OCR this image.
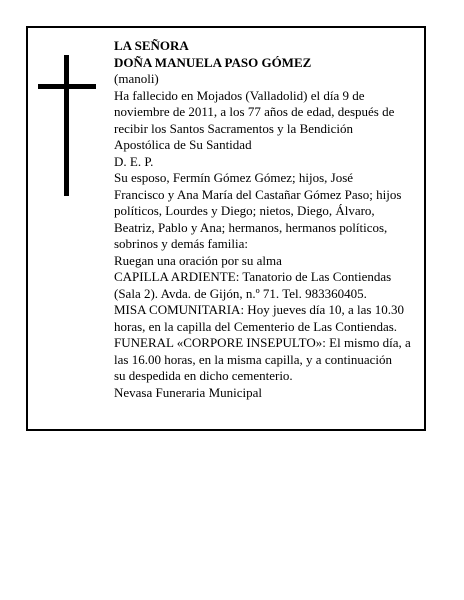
LA SEÑORA

DOÑA MANUELA PASO GÓMEZ

(manoli)

Ha fallecido en Mojados (Valladolid) el día 9 de

noviembre de 2011, a los 77 años de edad, después de

recibir los Santos Sacramentos y la Bendición

Apostólica de Su Santidad

D. E. P.

Su esposo, Fermín Gómez Gómez; hijos, José

Francisco y Ana María del Castañar Gómez Paso; hijos

políticos, Lourdes y Diego; nietos, Diego, Álvaro,

Beatriz, Pablo y Ana; hermanos, hermanos políticos,

sobrinos y demás familia:

Ruegan una oración por su alma

CAPILLA ARDIENTE: Tanatorio de Las Contiendas

(Sala 2). Avda. de Gijón, n.º 71. Tel. 983360405.

MISA COMUNITARIA: Hoy jueves día 10, a las 10.30

horas, en la capilla del Cementerio de Las Contiendas.

FUNERAL «CORPORE INSEPULTO»: El mismo día, a

las 16.00 horas, en la misma capilla, y a continuación

su despedida en dicho cementerio.

Nevasa Funeraria Municipal
